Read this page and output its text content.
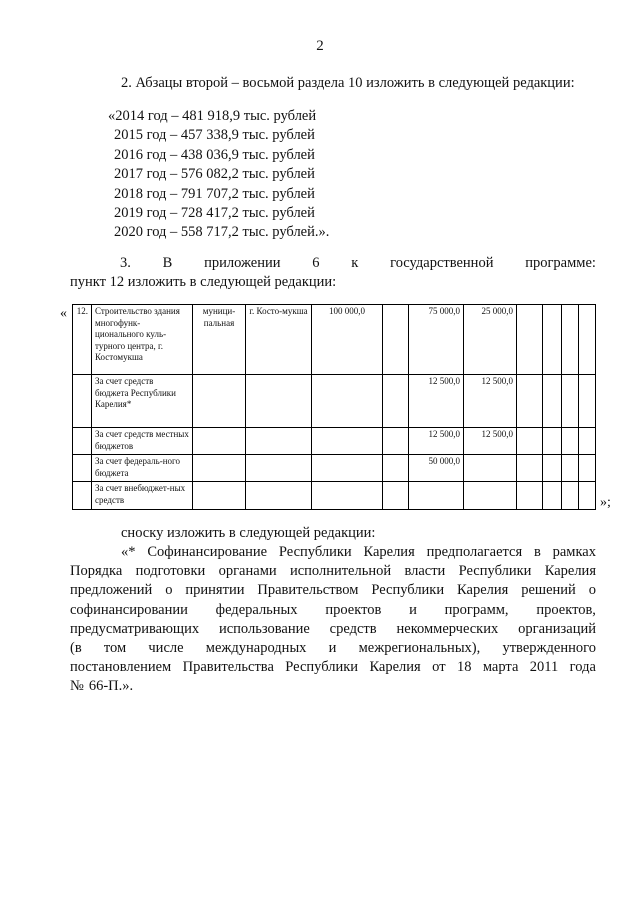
2
2. Абзацы второй – восьмой раздела 10 изложить в следующей редакции:
«2014 год – 481 918,9 тыс. рублей
2015 год – 457 338,9 тыс. рублей
2016 год – 438 036,9 тыс. рублей
2017 год – 576 082,2 тыс. рублей
2018 год – 791 707,2 тыс. рублей
2019 год – 728 417,2 тыс. рублей
2020 год – 558 717,2 тыс. рублей.».
3. В приложении 6 к государственной программе:
пункт 12 изложить в следующей редакции:
« 12.	Строительство здания многофунк-ционального куль-турного центра, г. Костомукша	муници-пальная	г. Косто-мукша	100 000,0		75 000,0	25 000,0				
	За счет средств бюджета Республики Карелия*					12 500,0	12 500,0				
	За счет средств местных бюджетов					12 500,0	12 500,0				
	За счет федераль-ного бюджета					50 000,0					
	За счет внебюджет-ных средств											»;
сноску изложить в следующей редакции:
«* Софинансирование Республики Карелия предполагается в рамках
Порядка подготовки органами исполнительной власти Республики Карелия
предложений о принятии Правительством Республики Карелия решений о
софинансировании федеральных проектов и программ, проектов,
предусматривающих использование средств некоммерческих организаций
(в том числе международных и межрегиональных), утвержденного
постановлением Правительства Республики Карелия от 18 марта 2011 года
№ 66-П.».
